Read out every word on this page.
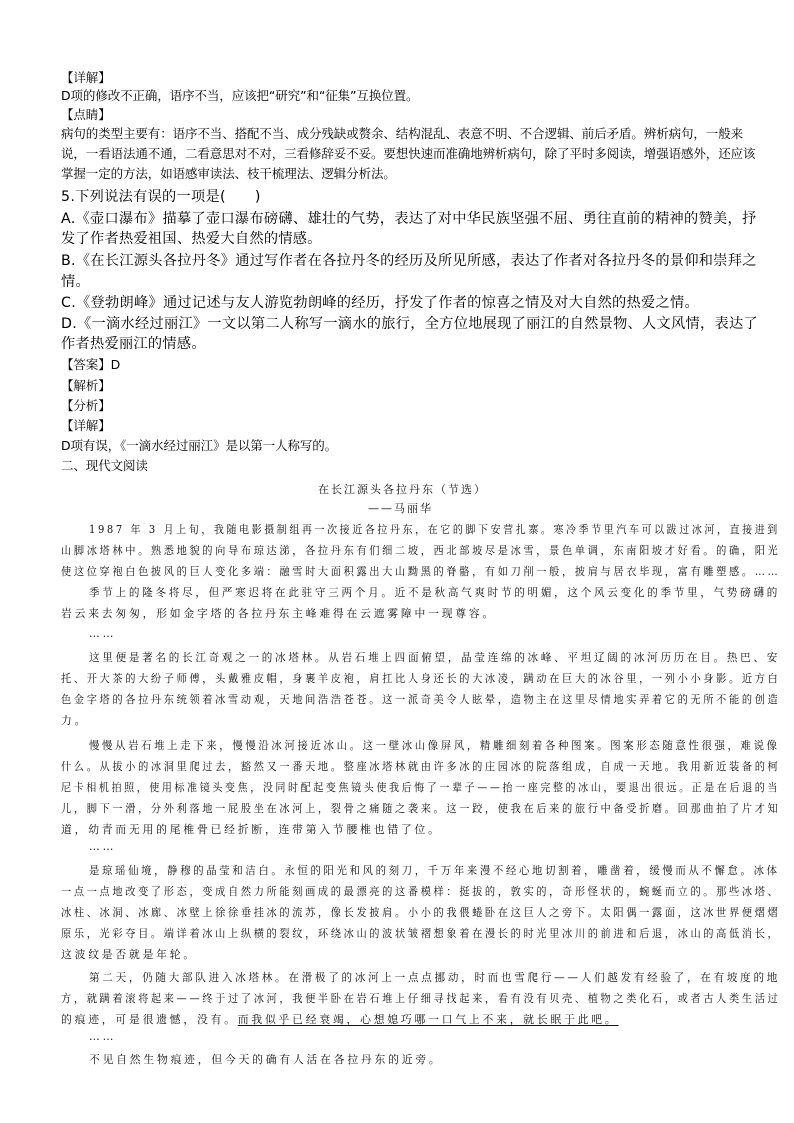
【详解】

D项的修改不正确，语序不当，应该把“研究”和“征集”互换位置。

【点睛】

病句的类型主要有：语序不当、搭配不当、成分残缺或赘余、结构混乱、表意不明、不合逻辑、前后矛盾。辨析病句，一般来

说，一看语法通不通，二看意思对不对，三看修辞妥不妥。要想快速而准确地辨析病句，除了平时多阅读，增强语感外，还应该

掌握一定的方法，如语感审读法、枝干梳理法、逻辑分析法。

5.下列说法有误的一项是(　　)

A.《壶口瀑布》描摹了壶口瀑布磅礴、雄壮的气势，表达了对中华民族坚强不屈、勇往直前的精神的赞美，抒

发了作者热爱祖国、热爱大自然的情感。

B.《在长江源头各拉丹冬》通过写作者在各拉丹冬的经历及所见所感，表达了作者对各拉丹冬的景仰和崇拜之

情。

C.《登勃朗峰》通过记述与友人游览勃朗峰的经历，抒发了作者的惊喜之情及对大自然的热爱之情。

D.《一滴水经过丽江》一文以第二人称写一滴水的旅行，全方位地展现了丽江的自然景物、人文风情，表达了

作者热爱丽江的情感。

【答案】D

【解析】

【分析】

【详解】

D项有误，《一滴水经过丽江》是以第一人称写的。

二、现代文阅读

在长江源头各拉丹东（节选）

——马丽华

1987 年 3 月上旬，我随电影摄制组再一次接近各拉丹东，在它的脚下安营扎寨。寒冷季节里汽车可以跋过冰河，直接进到

山脚冰塔林中。熟悉地貌的向导布琼达涕，各拉丹东有们细二坡，西北部坡尽是冰雪，景色单调，东南阳坡才好看。的确，阳光

使这位穿袍白色披风的巨人变化多端：融雪时大面积露出大山黝黑的脊骼，有如刀削一般，披肩与居衣毕现，富有雕塑感。……

季节上的隆冬将尽，但严寒迟将在此驻守三两个月。近不是秋高气爽时节的明媚，这个风云变化的季节里，气势磅礴的

岩云来去匆匆，形如金字塔的各拉丹东主峰难得在云遮雾障中一现尊容。

……

这里便是著名的长江奇观之一的冰塔林。从岩石堆上四面俯望，晶莹连绵的冰峰、平坦辽阔的冰河历历在目。热巴、安

托、开大茶的大纷子师傅，头戴雅皮帽，身裹羊皮袍，肩扛比人身还长的大冰凌，蹒动在巨大的冰谷里，一列小小身影。近方白

色金字塔的各拉丹东统领着冰雪动观，天地间浩浩苍苍。这一派奇美令人眩晕，造物主在这里尽情地实弄着它的无所不能的创造

力。

慢慢从岩石堆上走下来，慢慢沿冰河接近冰山。这一壁冰山像屏风，精雕细刻着各种图案。图案形态随意性很强，难说像

什么。从拔小的冰洞里爬过去，豁然又一番天地。整座冰塔林就由许多冰的庄园冰的院落组成，自成一天地。我用新近装备的柯

尼卡相机拍照，使用标准镜头变焦，没同时配起变焦镜头使我后悔了一辈子——抬一座完整的冰山，要退出很远。正是在后退的当

儿，脚下一滑，分外利落地一屁股坐在冰河上，裂骨之痛随之袭来。这一跤，使我在后来的旅行中备受折磨。回那曲拍了片才知

道，幼青而无用的尾椎骨已经折断，连带第入节腰椎也错了位。

……

是琼瑶仙境，静穆的晶莹和洁白。永恒的阳光和风的刻刀，千万年来漫不经心地切割着，雕凿着，缓慢而从不懈怠。冰体

一点一点地改变了形态，变成自然力所能刻画成的最漂亮的这番模样：挺拔的，敦实的，奇形怪状的，蜿蜒而立的。那些冰塔、

冰柱、冰洞、冰廊、冰壁上徐徐垂挂冰的流苏，像长发披肩。小小的我偎蜷卧在这巨人之旁下。太阳偶一露面，这冰世界便熠熠

原乐，光彩夺目。端详着冰山上纵横的裂纹，环绕冰山的波状皱褶想象着在漫长的时光里冰川的前进和后退，冰山的高低消长，

这波纹是否就是年轮。

第二天，仍随大部队进入冰塔林。在滑极了的冰河上一点点挪动，时而也雪爬行——人们越发有经验了，在有坡度的地

方，就蹒着滚将起来——终于过了冰河，我便半卧在岩石堆上仔细寻找起来，看有没有贝壳、植物之类化石，或者古人类生活过

的痕迹，可是很遗憾，没有。而我似乎已经衰竭，心想媳巧哪一口气上不来，就长眠于此吧。

……

不见自然生物痕迹，但今天的确有人活在各拉丹东的近旁。
